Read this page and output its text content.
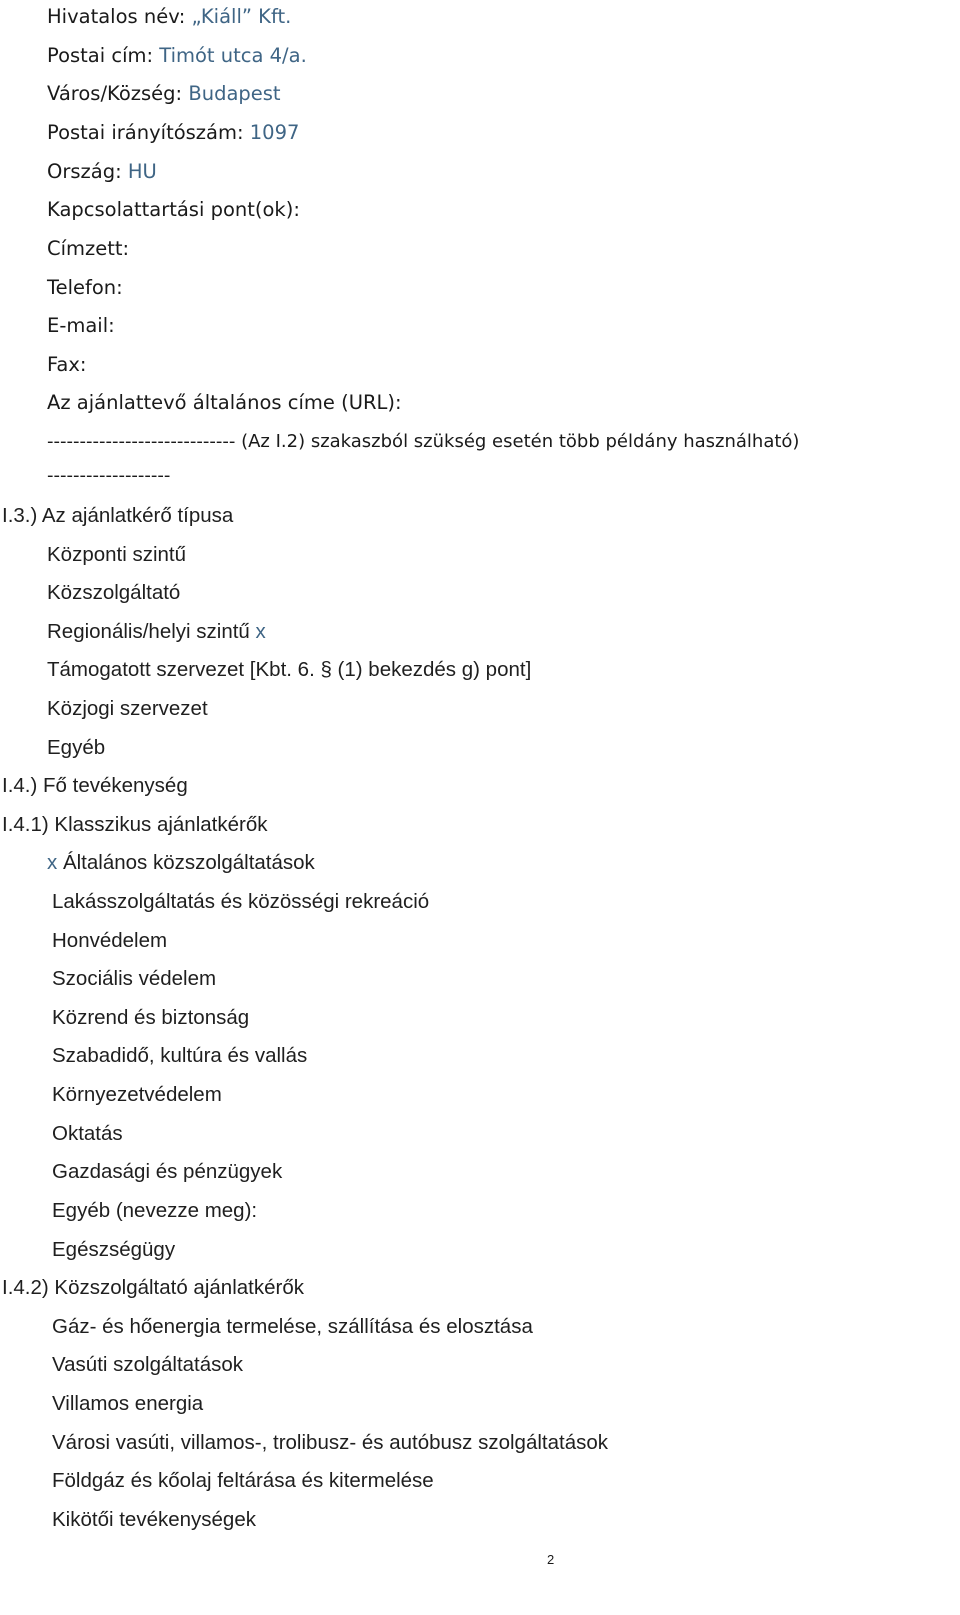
Hivatalos név: „Kiáll” Kft.
Postai cím: Timót utca 4/a.
Város/Község: Budapest
Postai irányítószám: 1097
Ország: HU
Kapcsolattartási pont(ok):
Címzett:
Telefon:
E-mail:
Fax:
Az ajánlattevő általános címe (URL):
----------------------------- (Az I.2) szakaszból szükség esetén több példány használható)
-------------------
I.3.) Az ajánlatkérő típusa
Központi szintű
Közszolgáltató
Regionális/helyi szintű x
Támogatott szervezet [Kbt. 6. § (1) bekezdés g) pont]
Közjogi szervezet
Egyéb
I.4.) Fő tevékenység
I.4.1) Klasszikus ajánlatkérők
x Általános közszolgáltatások
Lakásszolgáltatás és közösségi rekreáció
Honvédelem
Szociális védelem
Közrend és biztonság
Szabadidő, kultúra és vallás
Környezetvédelem
Oktatás
Gazdasági és pénzügyek
Egyéb (nevezze meg):
Egészségügy
I.4.2) Közszolgáltató ajánlatkérők
Gáz- és hőenergia termelése, szállítása és elosztása
Vasúti szolgáltatások
Villamos energia
Városi vasúti, villamos-, trolibusz- és autóbusz szolgáltatások
Földgáz és kőolaj feltárása és kitermelése
Kikötői tevékenységek
2
